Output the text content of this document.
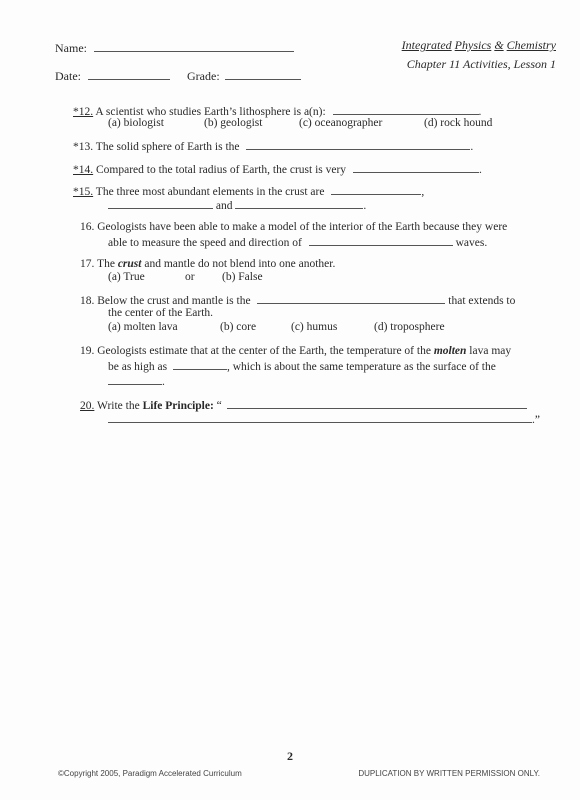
Name:
Date:	Grade:
Integrated Physics & Chemistry
Chapter 11 Activities, Lesson 1
*12. A scientist who studies Earth’s lithosphere is a(n):	.
(a) biologist	(b) geologist	(c) oceanographer	(d) rock hound
*13. The solid sphere of Earth is the	.
*14. Compared to the total radius of Earth, the crust is very	.
*15. The three most abundant elements in the crust are	,
and	.
16. Geologists have been able to make a model of the interior of the Earth because they were
able to measure the speed and direction of	waves.
17. The crust and mantle do not blend into one another.
(a) True	or (b) False
18. Below the crust and mantle is the	that extends to
the center of the Earth.
(a) molten lava	(b) core	(c) humus	(d) troposphere
19. Geologists estimate that at the center of the Earth, the temperature of the molten lava may
be as high as	, which is about the same temperature as the surface of the
.
20. Write the Life Principle: “
.”
2
©Copyright 2005, Paradigm Accelerated Curriculum	DUPLICATION BY WRITTEN PERMISSION ONLY.
